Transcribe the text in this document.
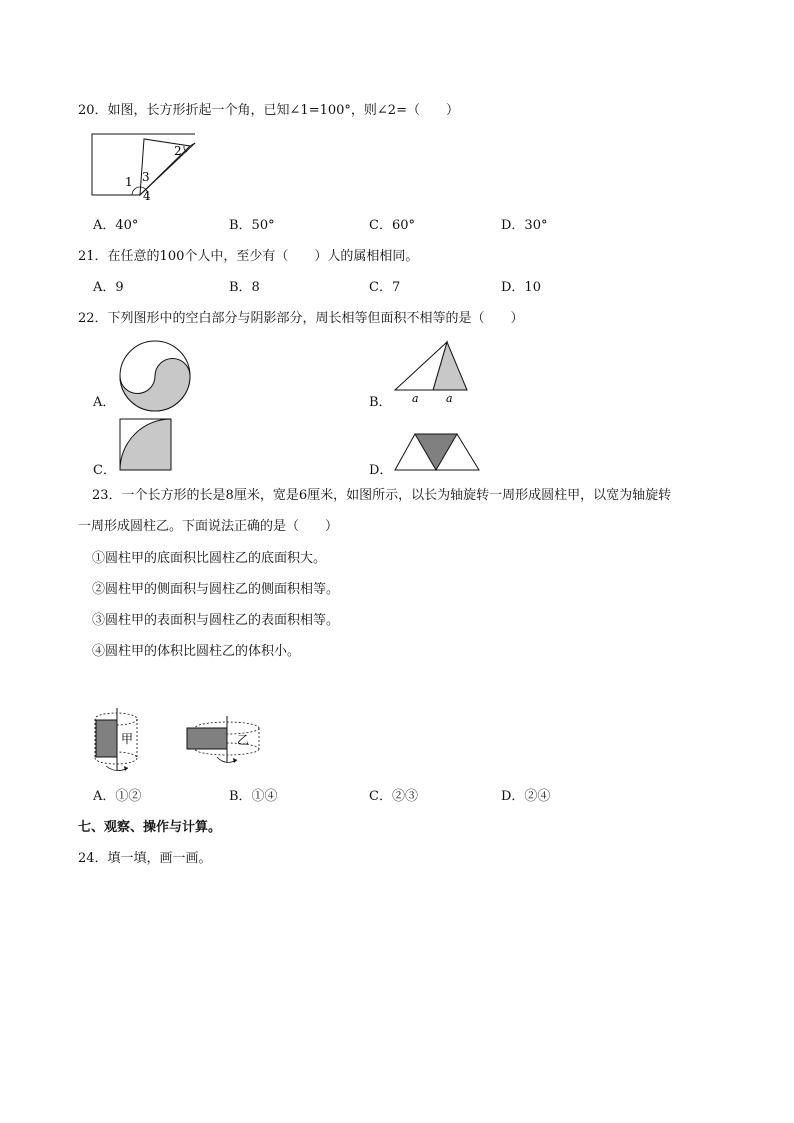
20．如图，长方形折起一个角，已知∠1=100°，则∠2=（　　）
1
2
3
4
A．40°	B．50°	C．60°	D．30°
21．在任意的100个人中，至少有（　　）人的属相相同。
A．9	B．8	C．7	D．10
22．下列图形中的空白部分与阴影部分，周长相等但面积不相等的是（　　）
A．	a a
B．
C．	D．
23．一个长方形的长是8厘米，宽是6厘米，如图所示，以长为轴旋转一周形成圆柱甲，以宽为轴旋转
一周形成圆柱乙。下面说法正确的是（　　）
①圆柱甲的底面积比圆柱乙的底面积大。
②圆柱甲的侧面积与圆柱乙的侧面积相等。
③圆柱甲的表面积与圆柱乙的表面积相等。
④圆柱甲的体积比圆柱乙的体积小。
甲	乙
A．①②	B．①④	C．②③	D．②④
七、观察、操作与计算。
24．填一填，画一画。
